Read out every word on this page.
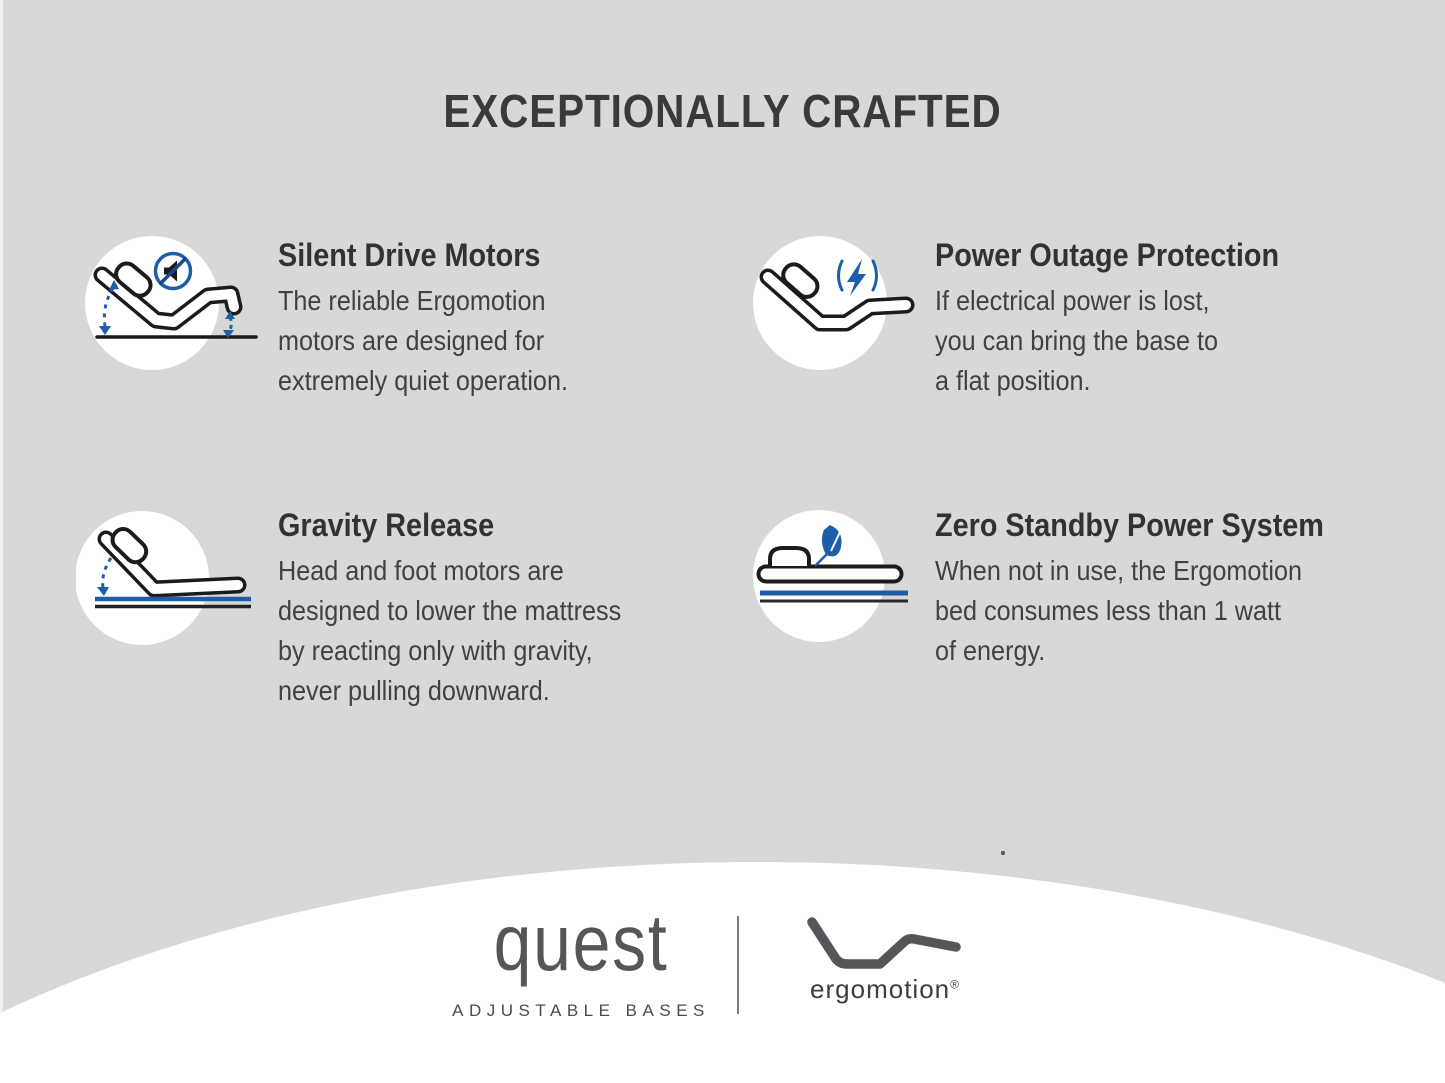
EXCEPTIONALLY CRAFTED
Silent Drive Motors

The reliable Ergomotion
motors are designed for
extremely quiet operation.

Power Outage Protection

If electrical power is lost,
you can bring the base to
a flat position.

Gravity Release

Head and foot motors are
designed to lower the mattress
by reacting only with gravity,
never pulling downward.

Zero Standby Power System

When not in use, the Ergomotion
bed consumes less than 1 watt
of energy.

quest
ADJUSTABLE BASES
ergomotion®
